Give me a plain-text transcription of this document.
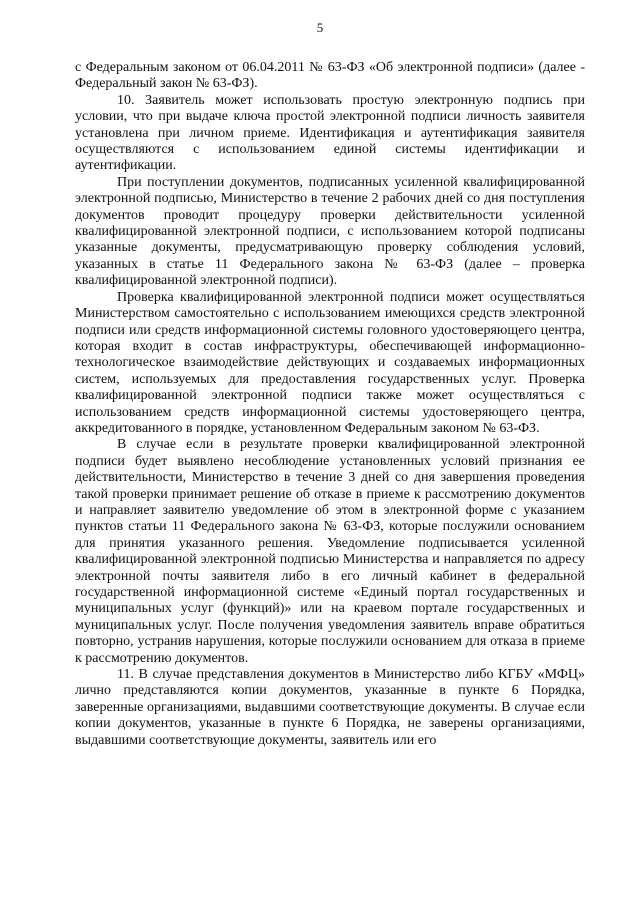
5

с Федеральным законом от 06.04.2011 № 63-ФЗ «Об электронной подписи» (далее - Федеральный закон № 63-ФЗ).

10. Заявитель может использовать простую электронную подпись при условии, что при выдаче ключа простой электронной подписи личность заявителя установлена при личном приеме. Идентификация и аутентификация заявителя осуществляются с использованием единой системы идентификации и аутентификации.

При поступлении документов, подписанных усиленной квалифицированной электронной подписью, Министерство в течение 2 рабочих дней со дня поступления документов проводит процедуру проверки действительности усиленной квалифицированной электронной подписи, с использованием которой подписаны указанные документы, предусматривающую проверку соблюдения условий, указанных в статье 11 Федерального закона № 63-ФЗ (далее – проверка квалифицированной электронной подписи).

Проверка квалифицированной электронной подписи может осуществляться Министерством самостоятельно с использованием имеющихся средств электронной подписи или средств информационной системы головного удостоверяющего центра, которая входит в состав инфраструктуры, обеспечивающей информационно-технологическое взаимодействие действующих и создаваемых информационных систем, используемых для предоставления государственных услуг. Проверка квалифицированной электронной подписи также может осуществляться с использованием средств информационной системы удостоверяющего центра, аккредитованного в порядке, установленном Федеральным законом № 63-ФЗ.

В случае если в результате проверки квалифицированной электронной подписи будет выявлено несоблюдение установленных условий признания ее действительности, Министерство в течение 3 дней со дня завершения проведения такой проверки принимает решение об отказе в приеме к рассмотрению документов и направляет заявителю уведомление об этом в электронной форме с указанием пунктов статьи 11 Федерального закона № 63-ФЗ, которые послужили основанием для принятия указанного решения. Уведомление подписывается усиленной квалифицированной электронной подписью Министерства и направляется по адресу электронной почты заявителя либо в его личный кабинет в федеральной государственной информационной системе «Единый портал государственных и муниципальных услуг (функций)» или на краевом портале государственных и муниципальных услуг. После получения уведомления заявитель вправе обратиться повторно, устранив нарушения, которые послужили основанием для отказа в приеме к рассмотрению документов.

11. В случае представления документов в Министерство либо КГБУ «МФЦ» лично представляются копии документов, указанные в пункте 6 Порядка, заверенные организациями, выдавшими соответствующие документы. В случае если копии документов, указанные в пункте 6 Порядка, не заверены организациями, выдавшими соответствующие документы, заявитель или его
